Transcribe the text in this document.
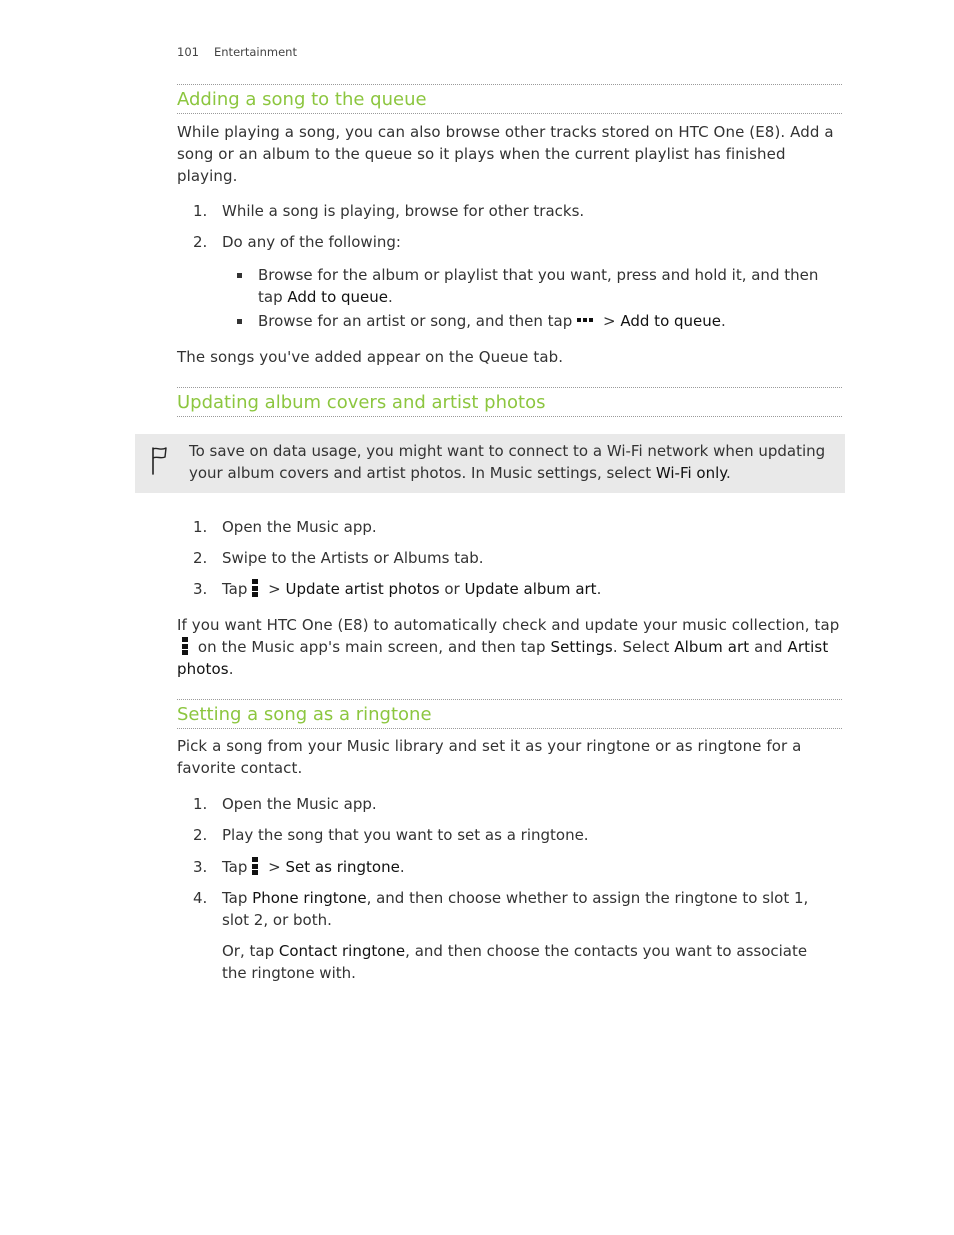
101 Entertainment
Adding a song to the queue
While playing a song, you can also browse other tracks stored on HTC One (E8). Add a song or an album to the queue so it plays when the current playlist has finished playing.
1. While a song is playing, browse for other tracks.
2. Do any of the following:
Browse for the album or playlist that you want, press and hold it, and then tap Add to queue.
Browse for an artist or song, and then tap
> Add to queue.
The songs you've added appear on the Queue tab.
Updating album covers and artist photos
To save on data usage, you might want to connect to a Wi-Fi network when updating your album covers and artist photos. In Music settings, select Wi-Fi only.
1. Open the Music app.
2. Swipe to the Artists or Albums tab.
3. Tap
> Update artist photos or Update album art.
If you want HTC One (E8) to automatically check and update your music collection, tap
on the Music app's main screen, and then tap Settings. Select Album art and Artist photos.
Setting a song as a ringtone
Pick a song from your Music library and set it as your ringtone or as ringtone for a favorite contact.
1. Open the Music app.
2. Play the song that you want to set as a ringtone.
3. Tap
> Set as ringtone.
4. Tap Phone ringtone, and then choose whether to assign the ringtone to slot 1, slot 2, or both.
Or, tap Contact ringtone, and then choose the contacts you want to associate the ringtone with.
